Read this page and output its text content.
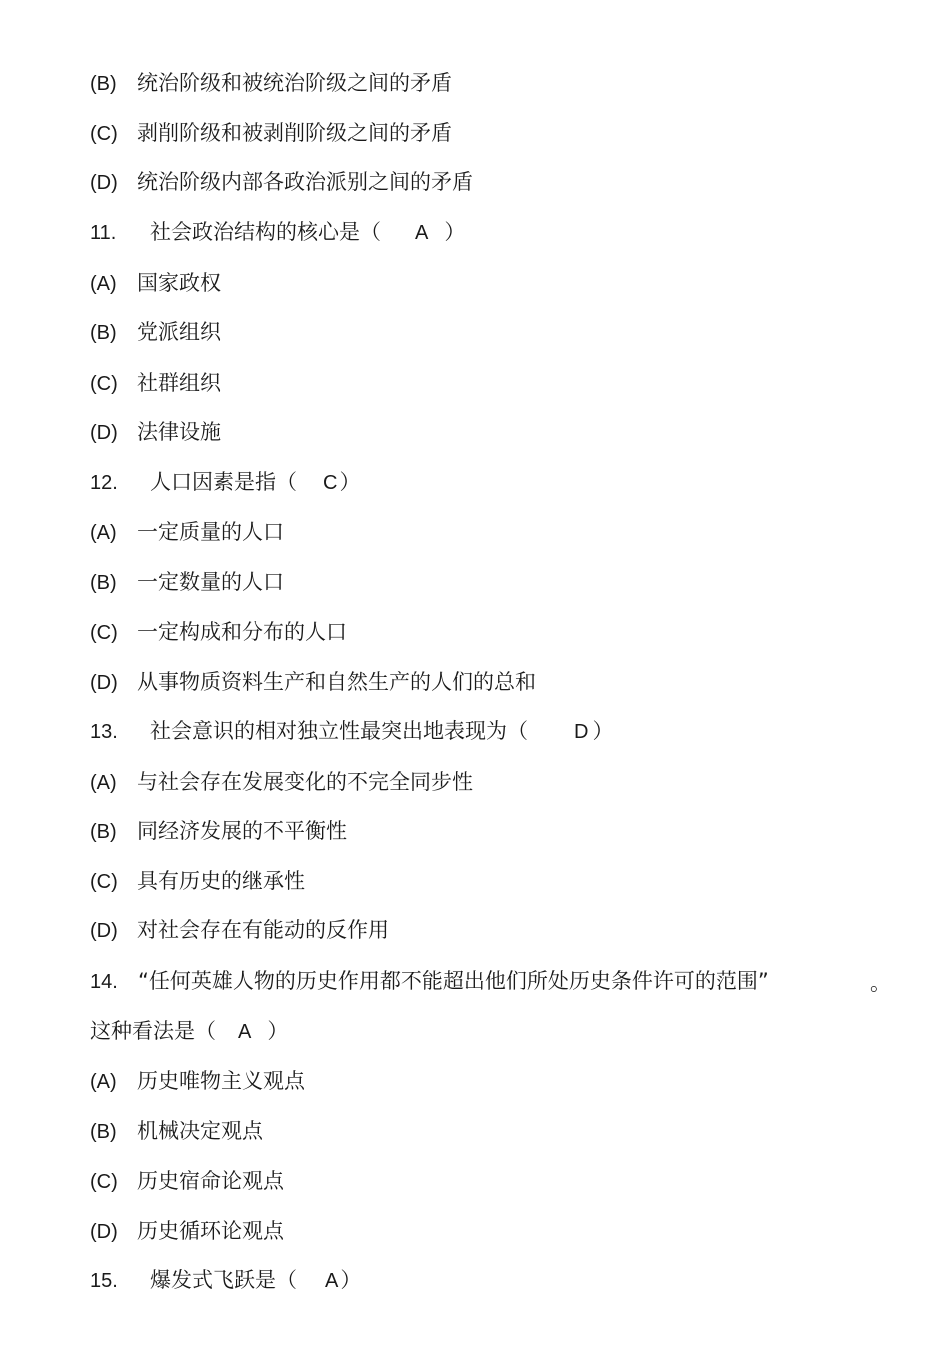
(B) 统治阶级和被统治阶级之间的矛盾
(C) 剥削阶级和被剥削阶级之间的矛盾
(D) 统治阶级内部各政治派别之间的矛盾
11. 社会政治结构的核心是（ A ）
(A) 国家政权
(B) 党派组织
(C) 社群组织
(D) 法律设施
12. 人口因素是指（ C）
(A) 一定质量的人口
(B) 一定数量的人口
(C) 一定构成和分布的人口
(D) 从事物质资料生产和自然生产的人们的总和
13. 社会意识的相对独立性最突出地表现为（ D ）
(A) 与社会存在发展变化的不完全同步性
(B) 同经济发展的不平衡性
(C) 具有历史的继承性
(D) 对社会存在有能动的反作用
14. “任何英雄人物的历史作用都不能超出他们所处历史条件许可的范围”	。
这种看法是（ A ）
(A) 历史唯物主义观点
(B) 机械决定观点
(C) 历史宿命论观点
(D) 历史循环论观点
15. 爆发式飞跃是（ A）
